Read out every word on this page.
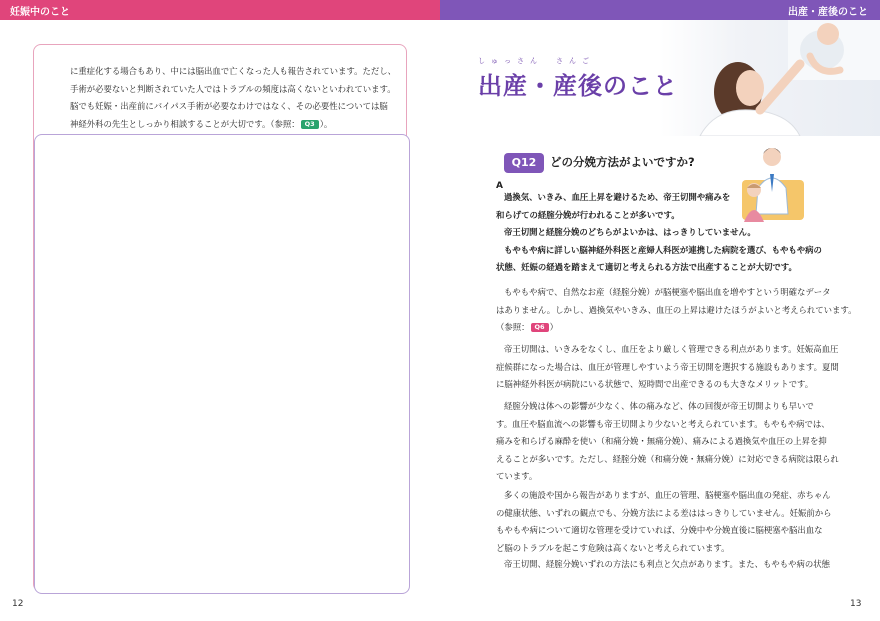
妊娠中のこと

に重症化する場合もあり、中には脳出血で亡くなった人も報告されています。ただし、

手術が必要ないと判断されていた人ではトラブルの頻度は高くないといわれています。

脳でも妊娠・出産前にバイパス手術が必要なわけではなく、その必要性については脳

神経外科の先生としっかり相談することが大切です。（参照： Q3 ）。

12
出産・産後のこと
しゅっさん　さんご
出産・産後のこと
Q12	どの分娩方法がよいですか?
A

過換気、いきみ、血圧上昇を避けるため、帝王切開や痛みを

和らげての経腟分娩が行われることが多いです。

帝王切開と経腟分娩のどちらがよいかは、はっきりしていません。

もやもや病に詳しい脳神経外科医と産婦人科医が連携した病院を選び、もやもや病の

状態、妊娠の経過を踏まえて適切と考えられる方法で出産することが大切です。

もやもや病で、自然なお産（経腟分娩）が脳梗塞や脳出血を増やすという明確なデータ

はありません。しかし、過換気やいきみ、血圧の上昇は避けたほうがよいと考えられています。

（参照： Q6 ）

帝王切開は、いきみをなくし、血圧をより厳しく管理できる利点があります。妊娠高血圧

症候群になった場合は、血圧が管理しやすいよう帝王切開を選択する施設もあります。夏間

に脳神経外科医が病院にいる状態で、短時間で出産できるのも大きなメリットです。

経腟分娩は体への影響が少なく、体の痛みなど、体の回復が帝王切開よりも早いで

す。血圧や脳血流への影響も帝王切開より少ないと考えられています。もやもや病では、

痛みを和らげる麻酔を使い（和痛分娩・無痛分娩）、痛みによる過換気や血圧の上昇を抑

えることが多いです。ただし、経腟分娩（和痛分娩・無痛分娩）に対応できる病院は限られ

ています。

多くの施設や国から報告がありますが、血圧の管理、脳梗塞や脳出血の発症、赤ちゃん

の健康状態、いずれの観点でも、分娩方法による差ははっきりしていません。妊娠前から

もやもや病について適切な管理を受けていれば、分娩中や分娩直後に脳梗塞や脳出血な

ど脳のトラブルを起こす危険は高くないと考えられています。

帝王切開、経腟分娩いずれの方法にも利点と欠点があります。また、もやもや病の状態

13
